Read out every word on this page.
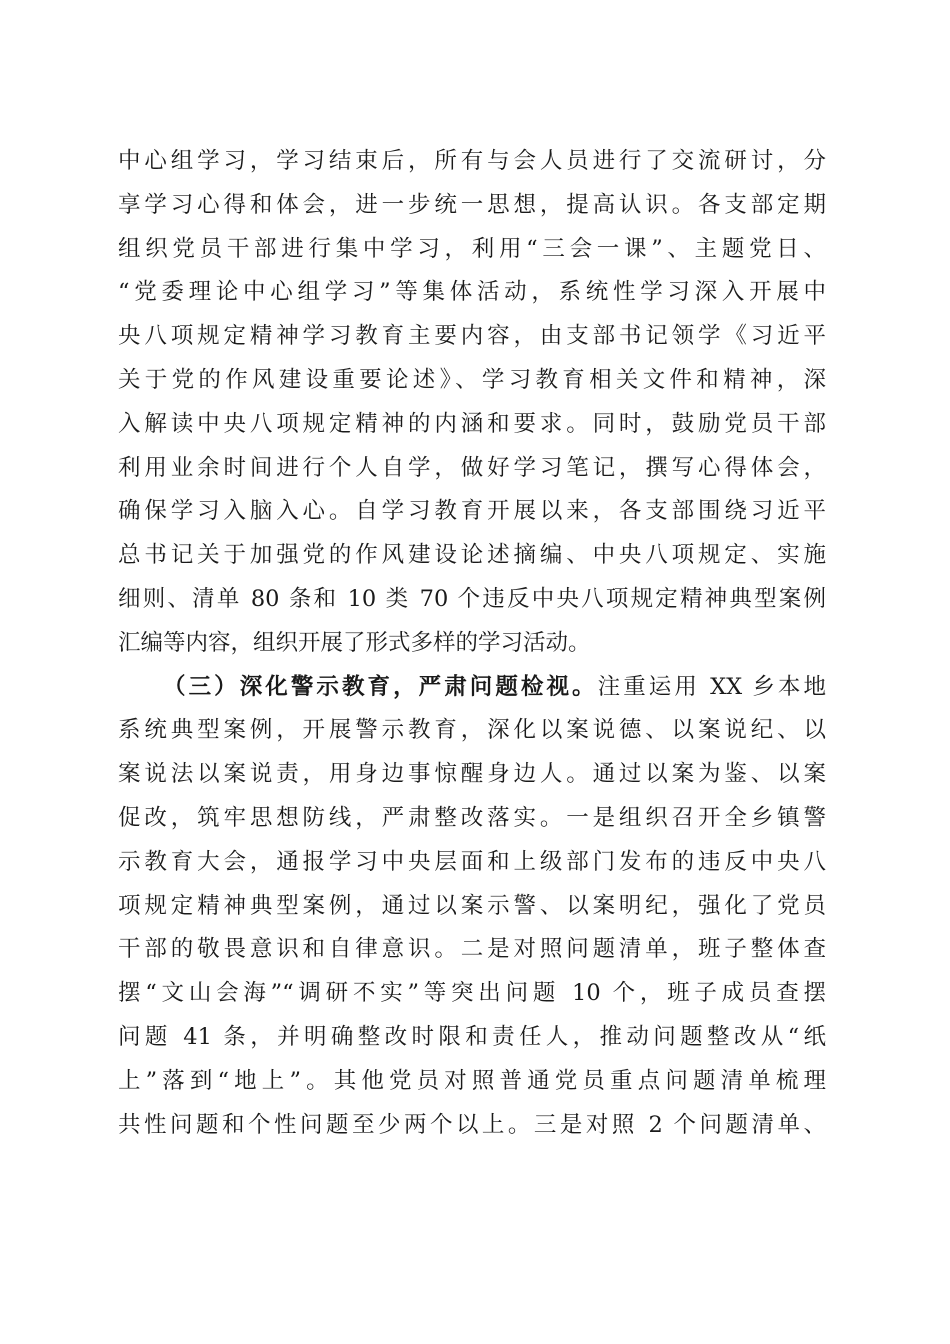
中心组学习，学习结束后，所有与会人员进行了交流研讨，分
享学习心得和体会，进一步统一思想，提高认识。各支部定期
组织党员干部进行集中学习，利用“三会一课”、主题党日、
“党委理论中心组学习”等集体活动，系统性学习深入开展中
央八项规定精神学习教育主要内容，由支部书记领学《习近平
关于党的作风建设重要论述》、学习教育相关文件和精神，深
入解读中央八项规定精神的内涵和要求。同时，鼓励党员干部
利用业余时间进行个人自学，做好学习笔记，撰写心得体会，
确保学习入脑入心。自学习教育开展以来，各支部围绕习近平
总书记关于加强党的作风建设论述摘编、中央八项规定、实施
细则、清单 80 条和 10 类 70 个违反中央八项规定精神典型案例
汇编等内容，组织开展了形式多样的学习活动。
（三）深化警示教育，严肃问题检视。注重运用 XX 乡本地
系统典型案例，开展警示教育，深化以案说德、以案说纪、以
案说法以案说责，用身边事惊醒身边人。通过以案为鉴、以案
促改，筑牢思想防线，严肃整改落实。一是组织召开全乡镇警
示教育大会，通报学习中央层面和上级部门发布的违反中央八
项规定精神典型案例，通过以案示警、以案明纪，强化了党员
干部的敬畏意识和自律意识。二是对照问题清单，班子整体查
摆“文山会海”“调研不实”等突出问题 10 个，班子成员查摆
问题 41 条，并明确整改时限和责任人，推动问题整改从“纸
上”落到“地上”。其他党员对照普通党员重点问题清单梳理
共性问题和个性问题至少两个以上。三是对照 2 个问题清单、
